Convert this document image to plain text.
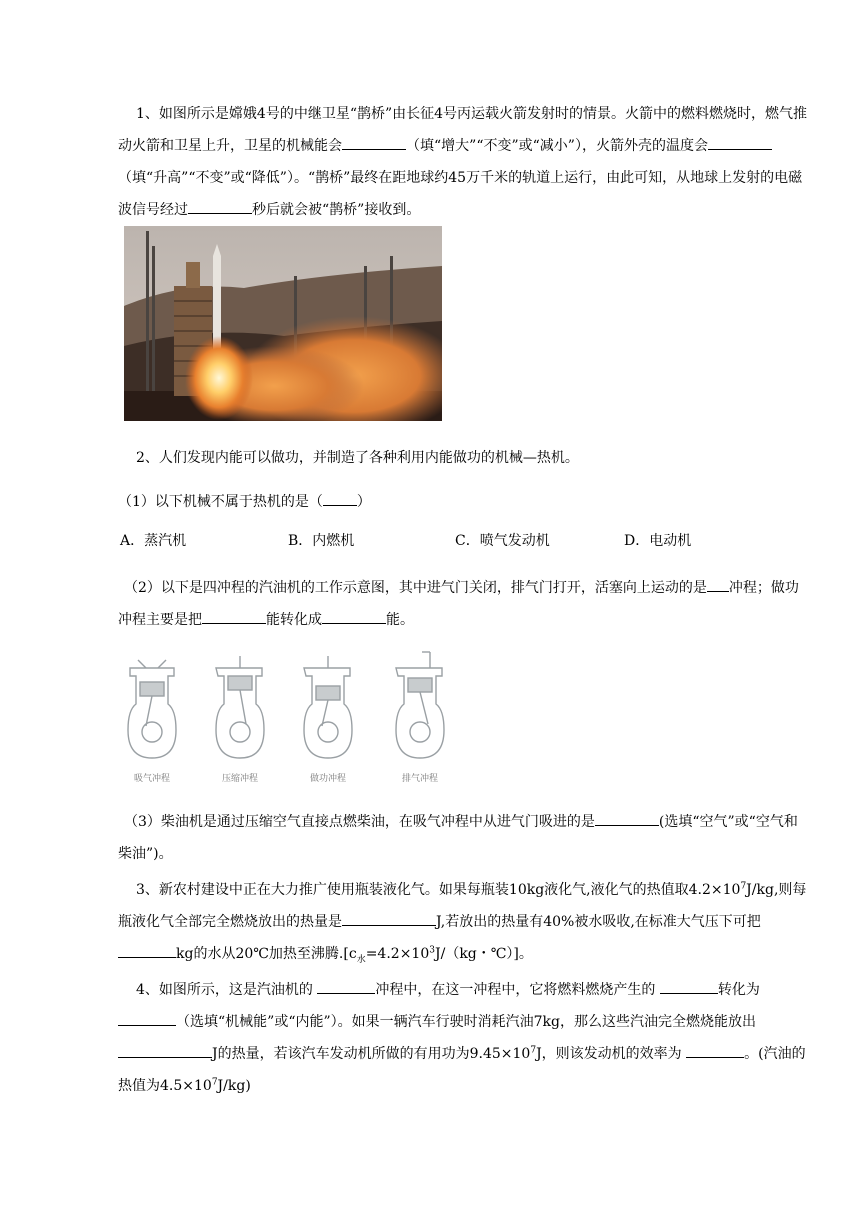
1、如图所示是嫦娥4号的中继卫星“鹊桥”由长征4号丙运载火箭发射时的情景。火箭中的燃料燃烧时，燃气推动火箭和卫星上升，卫星的机械能会	（填“增大”“不变”或“减小”），火箭外壳的温度会（填“升高”“不变”或“降低”）。“鹊桥”最终在距地球约45万千米的轨道上运行，由此可知，从地球上发射的电磁波信号经过	秒后就会被“鹊桥”接收到。

2、人们发现内能可以做功，并制造了各种利用内能做功的机械—热机。

（1）以下机械不属于热机的是（ ）

A．蒸汽机	B．内燃机	C．喷气发动机	D．电动机

（2）以下是四冲程的汽油机的工作示意图，其中进气门关闭，排气门打开，活塞向上运动的是 冲程；做功冲程主要是把	能转化成	能。

吸气冲程	压缩冲程	做功冲程	排气冲程

（3）柴油机是通过压缩空气直接点燃柴油，在吸气冲程中从进气门吸进的是	(选填“空气”或“空气和柴油”)。

3、新农村建设中正在大力推广使用瓶装液化气。如果每瓶装10kg液化气,液化气的热值取$4.2\times 10^7J/kg$,则每瓶液化气全部完全燃烧放出的热量是	J,若放出的热量有40%被水吸收,在标准大气压下可把kg的水从20℃加热至沸腾$.[c_水=4.2\times 10^3J/(kg$・℃）]。

4、如图所示，这是汽油机的	冲程中，在这一冲程中，它将燃料燃烧产生的	转化为 （选填“机械能”或“内能”）。如果一辆汽车行驶时消耗汽油7kg，那么这些汽油完全燃烧能放出 J的热量，若该汽车发动机所做的有用功为$9.45\times 10^7J$，则该发动机的效率为	。(汽油的热值为$4.5\times 10^7J/kg$)
